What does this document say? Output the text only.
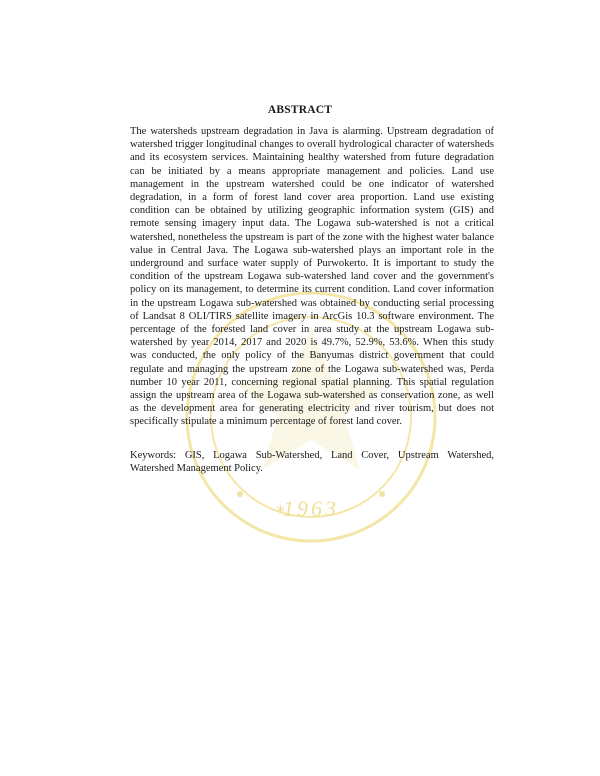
1963
*
ABSTRACT

The watersheds upstream degradation in Java is alarming. Upstream degradation of watershed trigger longitudinal changes to overall hydrological character of watersheds and its ecosystem services. Maintaining healthy watershed from future degradation can be initiated by a means appropriate management and policies. Land use management in the upstream watershed could be one indicator of watershed degradation, in a form of forest land cover area proportion. Land use existing condition can be obtained by utilizing geographic information system (GIS) and remote sensing imagery input data. The Logawa sub-watershed is not a critical watershed, nonetheless the upstream is part of the zone with the highest water balance value in Central Java. The Logawa sub-watershed plays an important role in the underground and surface water supply of Purwokerto. It is important to study the condition of the upstream Logawa sub-watershed land cover and the government's policy on its management, to determine its current condition. Land cover information in the upstream Logawa sub-watershed was obtained by conducting serial processing of Landsat 8 OLI/TIRS satellite imagery in ArcGis 10.3 software environment. The percentage of the forested land cover in area study at the upstream Logawa sub-watershed by year 2014, 2017 and 2020 is 49.7%, 52.9%, 53.6%. When this study was conducted, the only policy of the Banyumas district government that could regulate and managing the upstream zone of the Logawa sub-watershed was, Perda number 10 year 2011, concerning regional spatial planning. This spatial regulation assign the upstream area of the Logawa sub-watershed as conservation zone, as well as the development area for generating electricity and river tourism, but does not specifically stipulate a minimum percentage of forest land cover.

Keywords: GIS, Logawa Sub-Watershed, Land Cover, Upstream Watershed, Watershed Management Policy.
